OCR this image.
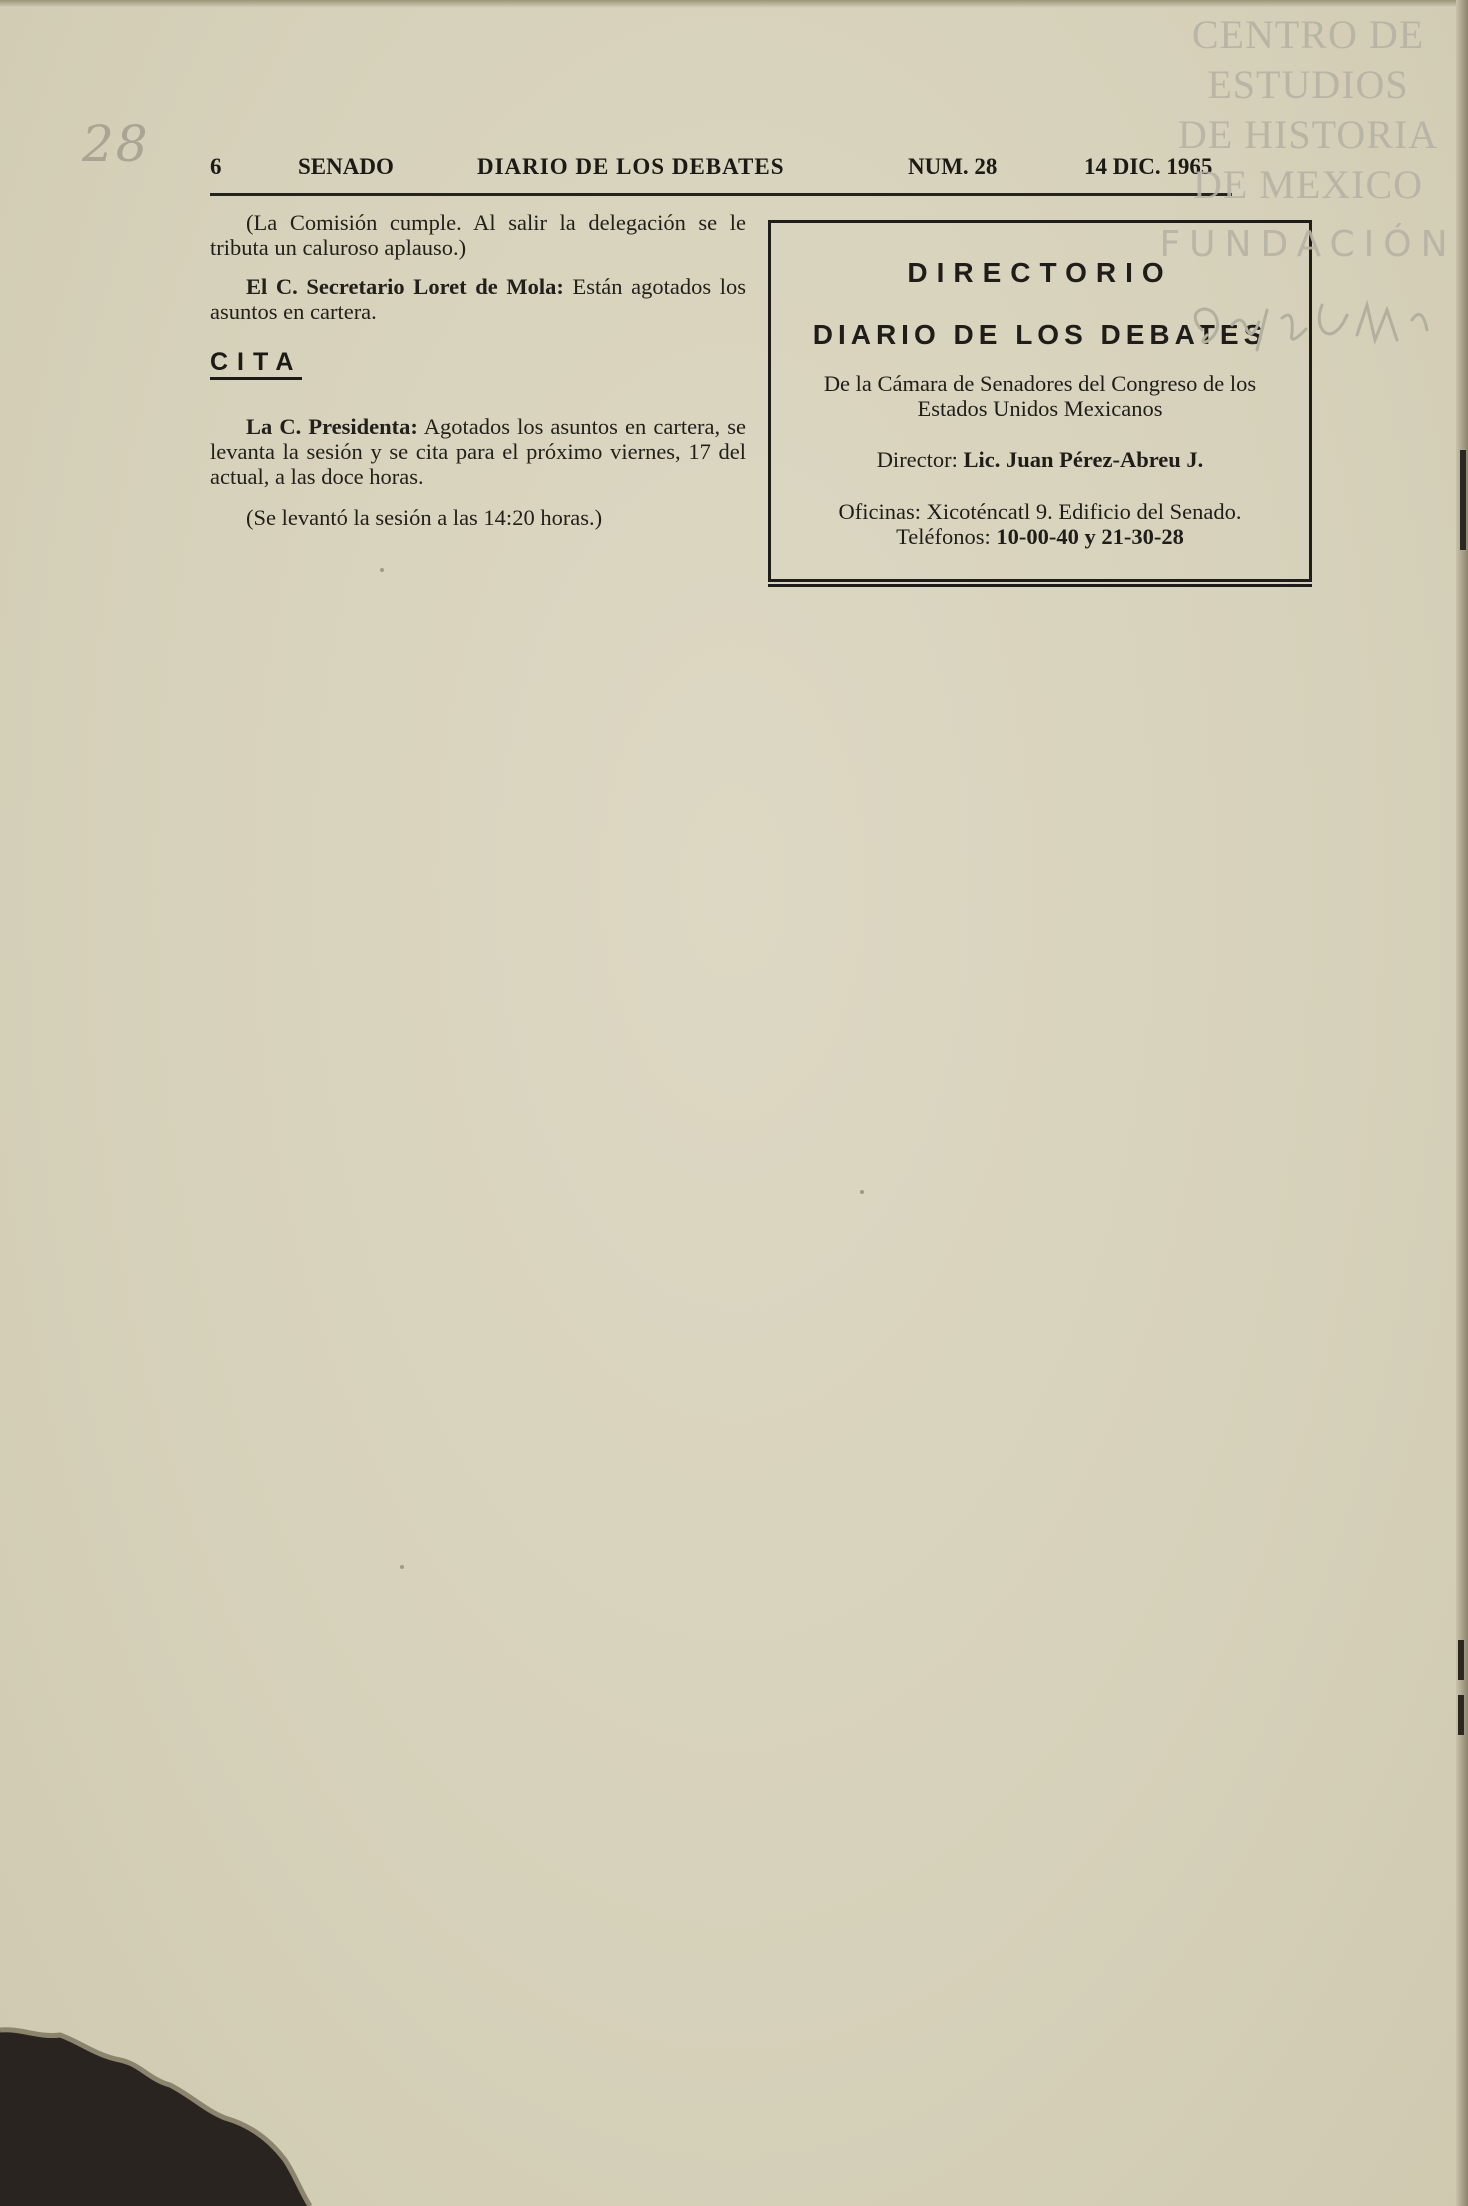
28	6	SENADO	DIARIO DE LOS DEBATES	NUM. 28	14 DIC. 1965

(La Comisión cumple. Al salir la delegación se le tributa un caluroso aplauso.)

El C. Secretario Loret de Mola: Están agotados los asuntos en cartera.

CITA

La C. Presidenta: Agotados los asuntos en cartera, se levanta la sesión y se cita para el próximo viernes, 17 del actual, a las doce horas.

(Se levantó la sesión a las 14:20 horas.)

DIRECTORIO
DIARIO DE LOS DEBATES
De la Cámara de Senadores del Congreso de los Estados Unidos Mexicanos
Director: Lic. Juan Pérez-Abreu J.
Oficinas: Xicoténcatl 9. Edificio del Senado. Teléfonos: 10-00-40 y 21-30-28
CENTRO DE
ESTUDIOS
DE HISTORIA
DE MEXICO
FUNDACIÓN
